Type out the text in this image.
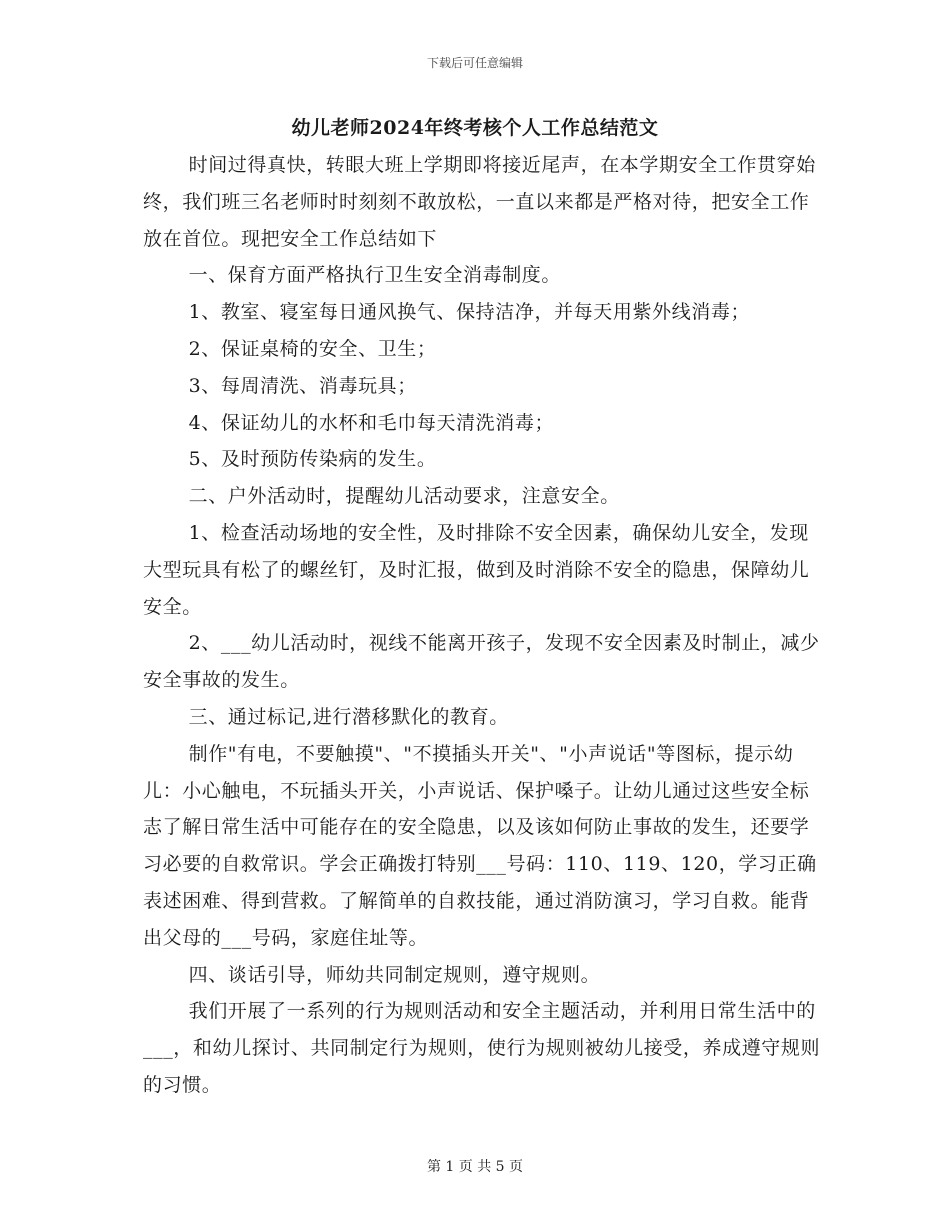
下载后可任意编辑
幼儿老师2024年终考核个人工作总结范文

时间过得真快，转眼大班上学期即将接近尾声，在本学期安全工作贯穿始终，我们班三名老师时时刻刻不敢放松，一直以来都是严格对待，把安全工作放在首位。现把安全工作总结如下

一、保育方面严格执行卫生安全消毒制度。

1、教室、寝室每日通风换气、保持洁净，并每天用紫外线消毒；

2、保证桌椅的安全、卫生；

3、每周清洗、消毒玩具；

4、保证幼儿的水杯和毛巾每天清洗消毒；

5、及时预防传染病的发生。

二、户外活动时，提醒幼儿活动要求，注意安全。

1、检查活动场地的安全性，及时排除不安全因素，确保幼儿安全，发现大型玩具有松了的螺丝钉，及时汇报，做到及时消除不安全的隐患，保障幼儿安全。

2、___幼儿活动时，视线不能离开孩子，发现不安全因素及时制止，减少安全事故的发生。

三、通过标记,进行潜移默化的教育。

制作"有电，不要触摸"、"不摸插头开关"、"小声说话"等图标，提示幼儿：小心触电，不玩插头开关，小声说话、保护嗓子。让幼儿通过这些安全标志了解日常生活中可能存在的安全隐患，以及该如何防止事故的发生，还要学习必要的自救常识。学会正确拨打特别___号码：110、119、120，学习正确表述困难、得到营救。了解简单的自救技能，通过消防演习，学习自救。能背出父母的___号码，家庭住址等。

四、谈话引导，师幼共同制定规则，遵守规则。

我们开展了一系列的行为规则活动和安全主题活动，并利用日常生活中的___，和幼儿探讨、共同制定行为规则，使行为规则被幼儿接受，养成遵守规则的习惯。

第 1 页 共 5 页
